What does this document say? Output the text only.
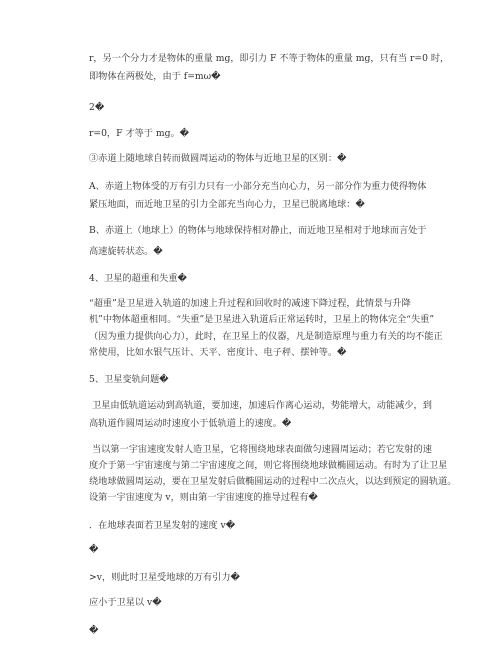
r，另一个分力才是物体的重量 mg，即引力 F 不等于物体的重量 mg，只有当 r=0 时，
即物体在两极处，由于 f=mω�
2�
r=0，F 才等于 mg。�
③赤道上随地球自转而做圆周运动的物体与近地卫星的区别：�
A、赤道上物体受的万有引力只有一小部分充当向心力，另一部分作为重力使得物体
紧压地面，而近地卫星的引力全部充当向心力，卫星已脱离地球：�
B、赤道上（地球上）的物体与地球保持相对静止，而近地卫星相对于地球而言处于
高速旋转状态。�
4、卫星的超重和失重�
“超重”是卫星进入轨道的加速上升过程和回收时的减速下降过程，此情景与升降
机”中物体超重相同。“失重”是卫星进入轨道后正常运转时，卫星上的物体完全“失重”
（因为重力提供向心力），此时，在卫星上的仪器，凡是制造原理与重力有关的均不能正
常使用，比如水银气压计、天平、密度计、电子秤、摆钟等。�
5、卫星变轨问题�
卫星由低轨道运动到高轨道，要加速，加速后作离心运动，势能增大，动能减少，到
高轨道作圆周运动时速度小于低轨道上的速度。�
当以第一宇宙速度发射人造卫星，它将围绕地球表面做匀速圆周运动；若它发射的速
度介于第一宇宙速度与第二宇宙速度之间，则它将围绕地球做椭圆运动。有时为了让卫星
绕地球做圆周运动，要在卫星发射后做椭圆运动的过程中二次点火，以达到预定的圆轨道。
设第一宇宙速度为 v，则由第一宇宙速度的推导过程有�
．在地球表面若卫星发射的速度 v�
�
>v，则此时卫星受地球的万有引力�
应小于卫星以 v�
�
